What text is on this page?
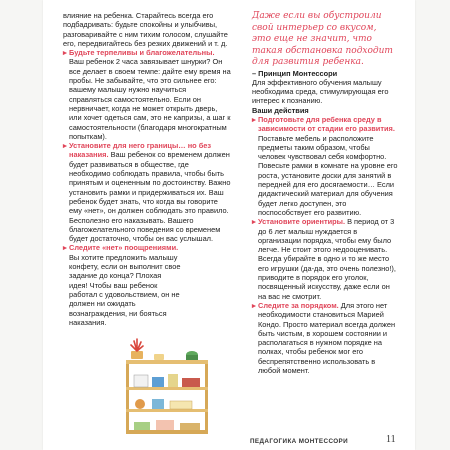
влияние на ребенка. Старайтесь всегда его подбадривать: будьте спокойны и улыбчивы, разговаривайте с ним тихим голосом, слушайте его, передвигайтесь без резких движений и т. д.

▸ Будьте терпеливы и благожелательны. Ваш ребенок 2 часа завязывает шнурки? Он все делает в своем темпе: дайте ему время на пробы. Не забывайте, что это сильнее его: вашему малышу нужно научиться справляться самостоятельно. Если он нервничает, когда не может открыть дверь, или хочет одеться сам, это не капризы, а шаг к самостоятельности (благодаря многократным попыткам).

▸ Установите для него границы… но без наказания. Ваш ребенок со временем должен будет развиваться в обществе, где необходимо соблюдать правила, чтобы быть принятым и оцененным по достоинству. Важно установить рамки и придерживаться их. Ваш ребенок будет знать, что когда вы говорите ему «нет», он должен соблюдать это правило. Бесполезно его наказывать. Вашего благожелательного поведения со временем будет достаточно, чтобы он вас услышал.

▸ Следите «нет» поощрениями. Вы хотите предложить малышу конфету, если он выполнит свое задание до конца? Плохая идея! Чтобы ваш ребенок работал с удовольствием, он не должен ни ожидать вознаграждения, ни бояться наказания.

Даже если вы обустроили свой интерьер со вкусом, это еще не значит, что такая обстановка подходит для развития ребенка.

– Принцип Монтессори

Для эффективного обучения малышу необходима среда, стимулирующая его интерес к познанию.

Ваши действия

▸ Подготовьте для ребенка среду в зависимости от стадии его развития. Поставьте мебель и расположите предметы таким образом, чтобы человек чувствовал себя комфортно. Повесьте рамки в комнате на уровне его роста, установите доски для занятий в передней для его досягаемости… Если дидактический материал для обучения будет легко доступен, это поспособствует его развитию.

▸ Установите ориентиры. В период от 3 до 6 лет малыш нуждается в организации порядка, чтобы ему было легче. Не стоит этого недооценивать. Всегда убирайте в одно и то же место его игрушки (да-да, это очень полезно!), приводите в порядок его уголок, посвященный искусству, даже если он на вас не смотрит.

▸ Следите за порядком. Для этого нет необходимости становиться Марией Кондо. Просто материал всегда должен быть чистым, в хорошем состоянии и располагаться в нужном порядке на полках, чтобы ребенок мог его беспрепятственно использовать в любой момент.

ПЕДАГОГИКА МОНТЕССОРИ	11
